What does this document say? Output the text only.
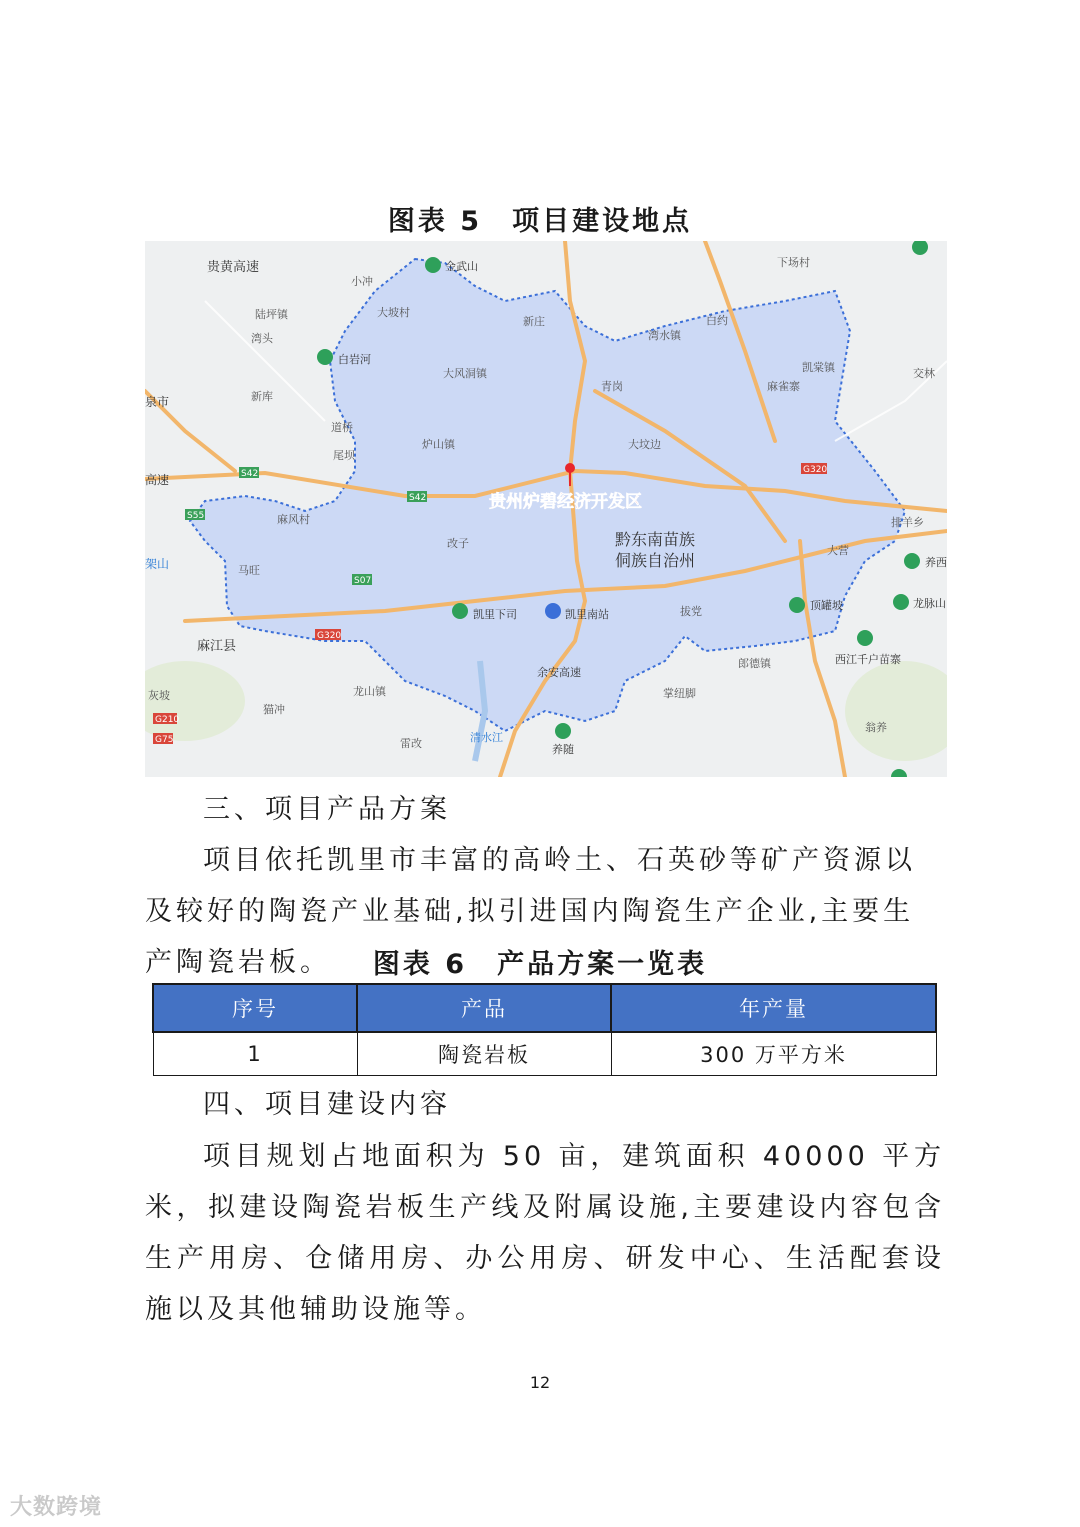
图表 5　项目建设地点
S42
S42
S55
S07
G320
G320
G210
G75
贵黄高速	金武山
小冲
大坡村
新庄
下场村
陆坪镇
湾头
白岩河
大风洞镇
湾水镇
白约
凯棠镇	交林
泉市	新库
青岗	麻雀寨
道桥
炉山镇	大坟边
尾坝
高速
麻风村
改子
排羊乡
马旺
架山
凯里下司	凯里南站	拔党
大营
养西
顶罐坡	龙脉山
麻江县
西江千户苗寨
郎德镇
灰坡	龙山镇	掌纽脚
猫冲
清水江
余安高速
雷改	养随
翁养
贵州炉碧经济开发区
黔东南苗族
侗族自治州
三、项目产品方案
项目依托凯里市丰富的高岭土、石英砂等矿产资源以及较好的陶瓷产业基础,拟引进国内陶瓷生产企业,主要生产陶瓷岩板。	图表 6　产品方案一览表
序号	产品	年产量
1	陶瓷岩板	300 万平方米
四、项目建设内容
项目规划占地面积为 50 亩，建筑面积 40000 平方米，拟建设陶瓷岩板生产线及附属设施,主要建设内容包含生产用房、仓储用房、办公用房、研发中心、生活配套设施以及其他辅助设施等。
12
大数跨境
